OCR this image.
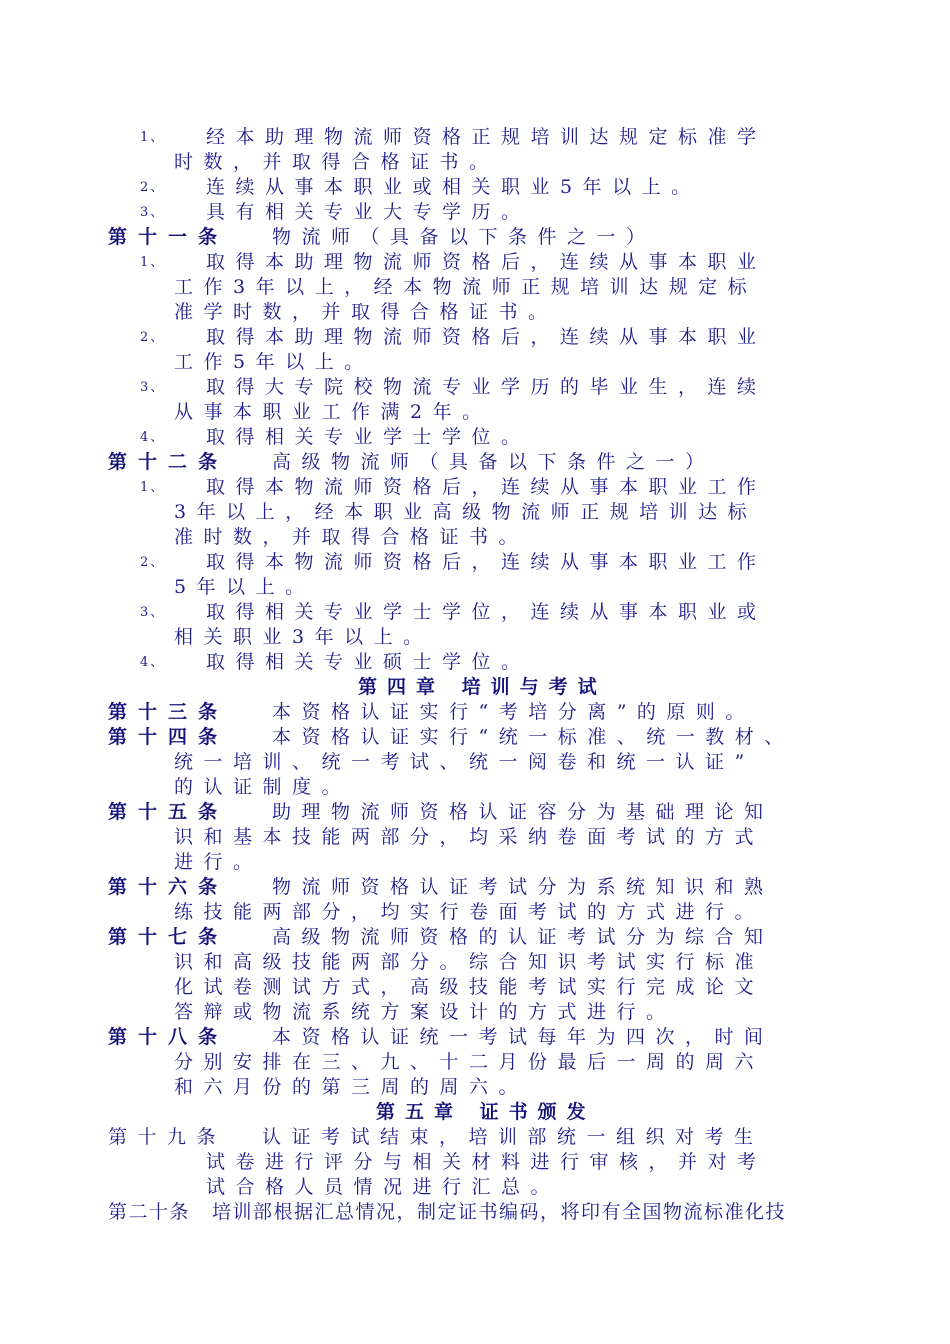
1、 经本助理物流师资格正规培训达规定标准学
时数，并取得合格证书。
2、 连续从事本职业或相关职业5年以上。
3、 具有相关专业大专学历。
第十一条 物流师（具备以下条件之一）
1、 取得本助理物流师资格后，连续从事本职业
工作3年以上，经本物流师正规培训达规定标
准学时数，并取得合格证书。
2、 取得本助理物流师资格后，连续从事本职业
工作5年以上。
3、 取得大专院校物流专业学历的毕业生，连续
从事本职业工作满2年。
4、 取得相关专业学士学位。
第十二条 高级物流师（具备以下条件之一）
1、 取得本物流师资格后，连续从事本职业工作
3年以上，经本职业高级物流师正规培训达标
准时数，并取得合格证书。
2、 取得本物流师资格后，连续从事本职业工作
5年以上。
3、 取得相关专业学士学位，连续从事本职业或
相关职业3年以上。
4、 取得相关专业硕士学位。
第四章 培训与考试
第十三条 本资格认证实行“考培分离”的原则。
第十四条 本资格认证实行“统一标准、统一教材、
统一培训、统一考试、统一阅卷和统一认证”
的认证制度。
第十五条 助理物流师资格认证容分为基础理论知
识和基本技能两部分，均采纳卷面考试的方式
进行。
第十六条 物流师资格认证考试分为系统知识和熟
练技能两部分，均实行卷面考试的方式进行。
第十七条 高级物流师资格的认证考试分为综合知
识和高级技能两部分。综合知识考试实行标准
化试卷测试方式，高级技能考试实行完成论文
答辩或物流系统方案设计的方式进行。
第十八条 本资格认证统一考试每年为四次，时间
分别安排在三、九、十二月份最后一周的周六
和六月份的第三周的周六。
第五章 证书颁发
第十九条 认证考试结束，培训部统一组织对考生
试卷进行评分与相关材料进行审核，并对考
试合格人员情况进行汇总。
第二十条 培训部根据汇总情况，制定证书编码，将印有全国物流标准化技
